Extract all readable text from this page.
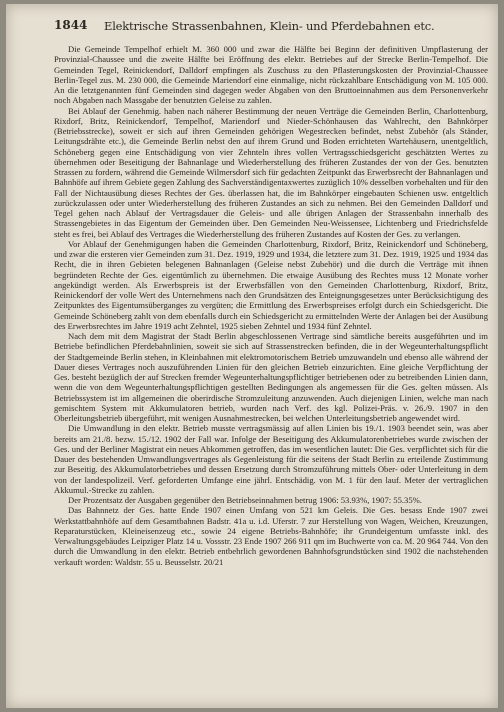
1844 Elektrische Strassenbahnen, Klein- und Pferdebahnen etc.

Die Gemeinde Tempelhof erhielt M. 360 000 und zwar die Hälfte bei Beginn der definitiven Umpflasterung der Provinzial-Chaussee und die zweite Hälfte bei Eröffnung des elektr. Betriebes auf der Strecke Berlin-Tempelhof. Die Gemeinden Tegel, Reinickendorf, Dalldorf empfingen als Zuschuss zu den Pflasterungskosten der Provinzial-Chaussee Berlin-Tegel zus. M. 230 000, die Gemeinde Mariendorf eine einmalige, nicht rückzahlbare Entschädigung von M. 105 000. An die letztgenannten fünf Gemeinden sind dagegen weder Abgaben von den Bruttoeinnahmen aus dem Personenverkehr noch Abgaben nach Massgabe der benutzten Geleise zu zahlen.

Bei Ablauf der Genehmig. haben nach näherer Bestimmung der neuen Verträge die Gemeinden Berlin, Charlottenburg, Rixdorf, Britz, Reinickendorf, Tempelhof, Mariendorf und Nieder-Schönhausen das Wahlrecht, den Bahnkörper (Betriebsstrecke), soweit er sich auf ihren Gemeinden gehörigen Wegestrecken befindet, nebst Zubehör (als Ständer, Leitungsdrähte etc.), die Gemeinde Berlin nebst den auf ihrem Grund und Boden errichteten Wartehäusern, unentgeltlich, Schöneberg gegen eine Entschädigung von vier Zehnteln ihres vollen Vertragsschiedsgericht geschätzten Wertes zu übernehmen oder Beseitigung der Bahnanlage und Wiederherstellung des früheren Zustandes der von der Ges. benutzten Strassen zu fordern, während die Gemeinde Wilmersdorf sich für gedachten Zeitpunkt das Erwerbsrecht der Bahnanlagen und Bahnhöfe auf ihrem Gebiete gegen Zahlung des Sachverständigentaxwertes zuzüglich 10% desselben vorbehalten und für den Fall der Nichtausübung dieses Rechtes der Ges. überlassen hat, die im Bahnkörper eingebauten Schienen usw. entgeltlich zurückzulassen oder unter Wiederherstellung des früheren Zustandes an sich zu nehmen. Bei den Gemeinden Dalldorf und Tegel gehen nach Ablauf der Vertragsdauer die Geleis- und alle übrigen Anlagen der Strassenbahn innerhalb des Strassengebietes in das Eigentum der Gemeinden über. Den Gemeinden Neu-Weissensee, Lichtenberg und Friedrichsfelde steht es frei, bei Ablauf des Vertrages die Wiederherstellung des früheren Zustandes auf Kosten der Ges. zu verlangen.

Vor Ablauf der Genehmigungen haben die Gemeinden Charlottenburg, Rixdorf, Britz, Reinickendorf und Schöneberg, und zwar die ersteren vier Gemeinden zum 31. Dez. 1919, 1929 und 1934, die letztere zum 31. Dez. 1919, 1925 und 1934 das Recht, die in ihren Gebieten belegenen Bahnanlagen (Geleise nebst Zubehör) und die durch die Verträge mit ihnen begründeten Rechte der Ges. eigentümlich zu übernehmen. Die etwaige Ausübung des Rechtes muss 12 Monate vorher angekündigt werden. Als Erwerbspreis ist der Erwerbsfällen von den Gemeinden Charlottenburg, Rixdorf, Britz, Reinickendorf der volle Wert des Unternehmens nach den Grundsätzen des Enteignungsgesetzes unter Berücksichtigung des Zeitpunktes des Eigentumsüberganges zu vergüten; die Ermittlung des Erwerbspreises erfolgt durch ein Schiedsgericht. Die Gemeinde Schöneberg zahlt von dem ebenfalls durch ein Schiedsgericht zu ermittelnden Werte der Anlagen bei der Ausübung des Erwerbsrechtes im Jahre 1919 acht Zehntel, 1925 sieben Zehntel und 1934 fünf Zehntel.

Nach dem mit dem Magistrat der Stadt Berlin abgeschlossenen Vertrage sind sämtliche bereits ausgeführten und im Betriebe befindlichen Pferdebahnlinien, soweit sie sich auf Strassenstrecken befinden, die in der Wegeunterhaltungspflicht der Stadtgemeinde Berlin stehen, in Kleinbahnen mit elektromotorischem Betrieb umzuwandeln und ebenso alle während der Dauer dieses Vertrages noch auszuführenden Linien für den gleichen Betrieb einzurichten. Eine gleiche Verpflichtung der Ges. besteht bezüglich der auf Strecken fremder Wegeunterhaltungspflichtiger betriebenen oder zu betreibenden Linien dann, wenn die von dem Wegeunterhaltungspflichtigen gestellten Bedingungen als angemessen für die Ges. gelten müssen. Als Betriebssystem ist im allgemeinen die oberirdische Stromzuleitung anzuwenden. Auch diejenigen Linien, welche man nach gemischtem System mit Akkumulatoren betrieb, wurden nach Verf. des kgl. Polizei-Präs. v. 26./9. 1907 in den Oberleitungsbetrieb übergeführt, mit wenigen Ausnahmestrecken, bei welchen Unterleitungsbetrieb angewendet wird.

Die Umwandlung in den elektr. Betrieb musste vertragsmässig auf allen Linien bis 19./1. 1903 beendet sein, was aber bereits am 21./8. bezw. 15./12. 1902 der Fall war. Infolge der Beseitigung des Akkumulatorenbetriebes wurde zwischen der Ges. und der Berliner Magistrat ein neues Abkommen getroffen, das im wesentlichen lautet: Die Ges. verpflichtet sich für die Dauer des bestehenden Umwandlungsvertrages als Gegenleistung für die seitens der Stadt Berlin zu erteilende Zustimmung zur Beseitig. des Akkumulatorbetriebes und dessen Ersetzung durch Stromzuführung mittels Ober- oder Unterleitung in dem von der landespolizeil. Verf. geforderten Umfange eine jährl. Entschädig. von M. 1 für den lauf. Meter der vertraglichen Akkumul.-Strecke zu zahlen.

Der Prozentsatz der Ausgaben gegenüber den Betriebseinnahmen betrug 1906: 53.93%, 1907: 55.35%.

Das Bahnnetz der Ges. hatte Ende 1907 einen Umfang von 521 km Geleis. Die Ges. besass Ende 1907 zwei Werkstattbahnhöfe auf dem Gesamtbahnen Badstr. 41a u. i.d. Uferstr. 7 zur Herstellung von Wagen, Weichen, Kreuzungen, Reparaturstücken, Kleineisenzeug etc., sowie 24 eigene Betriebs-Bahnhöfe; ihr Grundeigentum umfasste inkl. des Verwaltungsgebäudes Leipziger Platz 14 u. Vossstr. 23 Ende 1907 266 911 qm im Buchwerte von ca. M. 20 964 744. Von den durch die Umwandlung in den elektr. Betrieb entbehrlich gewordenen Bahnhofsgrundstücken sind 1902 die nachstehenden verkauft worden: Waldstr. 55 u. Beusselstr. 20/21
